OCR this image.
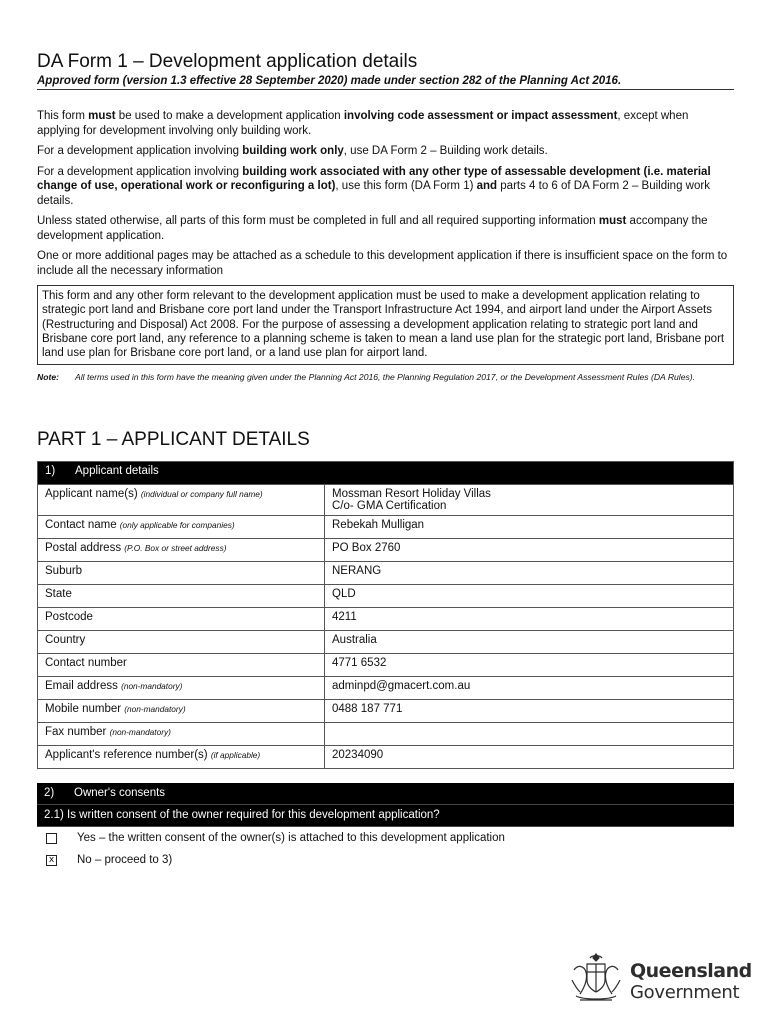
DA Form 1 – Development application details
Approved form (version 1.3 effective 28 September 2020) made under section 282 of the Planning Act 2016.

This form must be used to make a development application involving code assessment or impact assessment, except when applying for development involving only building work.

For a development application involving building work only, use DA Form 2 – Building work details.

For a development application involving building work associated with any other type of assessable development (i.e. material change of use, operational work or reconfiguring a lot), use this form (DA Form 1) and parts 4 to 6 of DA Form 2 – Building work details.

Unless stated otherwise, all parts of this form must be completed in full and all required supporting information must accompany the development application.

One or more additional pages may be attached as a schedule to this development application if there is insufficient space on the form to include all the necessary information

This form and any other form relevant to the development application must be used to make a development application relating to strategic port land and Brisbane core port land under the Transport Infrastructure Act 1994, and airport land under the Airport Assets (Restructuring and Disposal) Act 2008. For the purpose of assessing a development application relating to strategic port land and Brisbane core port land, any reference to a planning scheme is taken to mean a land use plan for the strategic port land, Brisbane port land use plan for Brisbane core port land, or a land use plan for airport land.
Note:	All terms used in this form have the meaning given under the Planning Act 2016, the Planning Regulation 2017, or the Development Assessment Rules (DA Rules).
PART 1 – APPLICANT DETAILS
1) Applicant details	
Applicant name(s) (individual or company full name)	Mossman Resort Holiday Villas
C/o- GMA Certification

Contact name (only applicable for companies)	Rebekah Mulligan

Postal address (P.O. Box or street address)	PO Box 2760

Suburb	NERANG

State	QLD

Postcode	4211

Country	Australia

Contact number	4771 6532

Email address (non-mandatory)	adminpd@gmacert.com.au

Mobile number (non-mandatory)	0488 187 771

Fax number (non-mandatory)	

Applicant's reference number(s) (if applicable)	20234090
2) Owner's consents
2.1) Is written consent of the owner required for this development application?
Yes – the written consent of the owner(s) is attached to this development application
x No – proceed to 3)
Queensland
Government
